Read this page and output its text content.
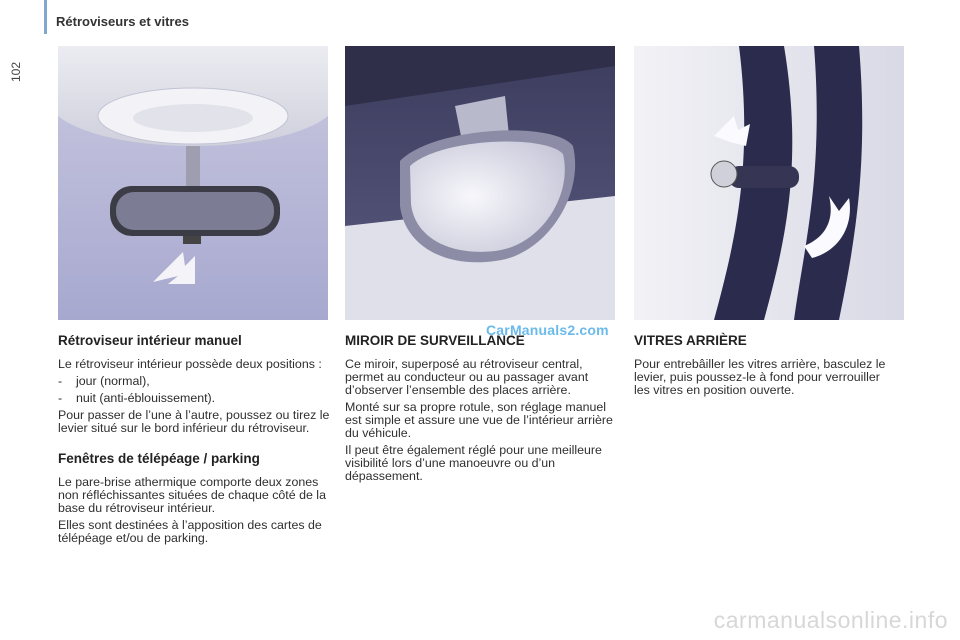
102
Rétroviseurs et vitres
Rétroviseur intérieur manuel

Le rétroviseur intérieur possède deux positions :

-	jour (normal),
-	nuit (anti-éblouissement).

Pour passer de l’une à l’autre, poussez ou tirez le levier situé sur le bord inférieur du rétroviseur.

Fenêtres de télépéage / parking

Le pare-brise athermique comporte deux zones non réfléchissantes situées de chaque côté de la base du rétroviseur intérieur.

Elles sont destinées à l’apposition des cartes de télépéage et/ou de parking.

MIROIR DE SURVEILLANCE

Ce miroir, superposé au rétroviseur central, permet au conducteur ou au passager avant d’observer l’ensemble des places arrière.

Monté sur sa propre rotule, son réglage manuel est simple et assure une vue de l’intérieur arrière du véhicule.

Il peut être également réglé pour une meilleure visibilité lors d’une manoeuvre ou d’un dépassement.

VITRES ARRIÈRE

Pour entrebâiller les vitres arrière, basculez le levier, puis poussez-le à fond pour verrouiller les vitres en position ouverte.

CarManuals2.com
carmanualsonline.info
